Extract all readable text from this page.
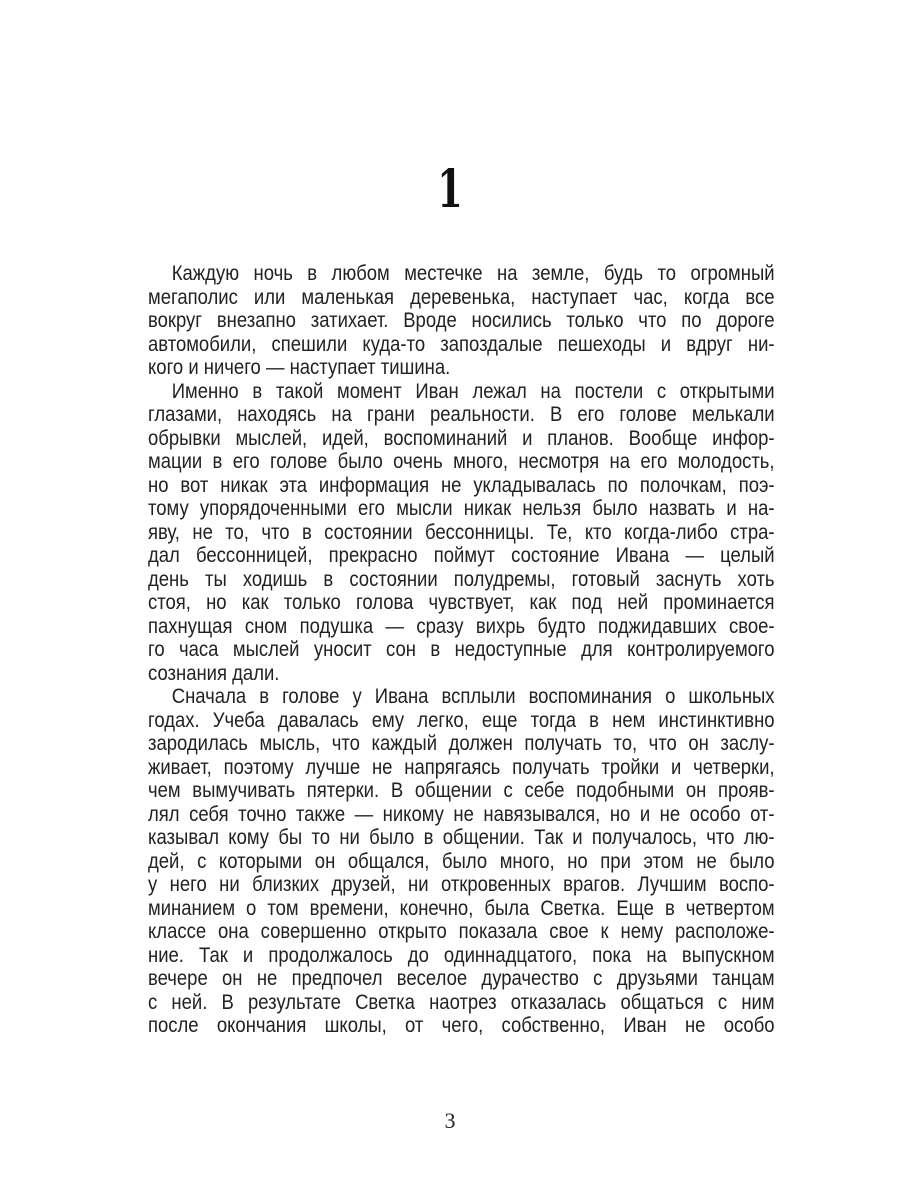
1
Каждую ночь в любом местечке на земле, будь то огромный
мегаполис или маленькая деревенька, наступает час, когда все
вокруг внезапно затихает. Вроде носились только что по дороге
автомобили, спешили куда-то запоздалые пешеходы и вдруг ни-
кого и ничего — наступает тишина.
Именно в такой момент Иван лежал на постели с открытыми
глазами, находясь на грани реальности. В его голове мелькали
обрывки мыслей, идей, воспоминаний и планов. Вообще инфор-
мации в его голове было очень много, несмотря на его молодость,
но вот никак эта информация не укладывалась по полочкам, поэ-
тому упорядоченными его мысли никак нельзя было назвать и на-
яву, не то, что в состоянии бессонницы. Те, кто когда-либо стра-
дал бессонницей, прекрасно поймут состояние Ивана — целый
день ты ходишь в состоянии полудремы, готовый заснуть хоть
стоя, но как только голова чувствует, как под ней проминается
пахнущая сном подушка — сразу вихрь будто поджидавших свое-
го часа мыслей уносит сон в недоступные для контролируемого
сознания дали.
Сначала в голове у Ивана всплыли воспоминания о школьных
годах. Учеба давалась ему легко, еще тогда в нем инстинктивно
зародилась мысль, что каждый должен получать то, что он заслу-
живает, поэтому лучше не напрягаясь получать тройки и четверки,
чем вымучивать пятерки. В общении с себе подобными он прояв-
лял себя точно также — никому не навязывался, но и не особо от-
казывал кому бы то ни было в общении. Так и получалось, что лю-
дей, с которыми он общался, было много, но при этом не было
у него ни близких друзей, ни откровенных врагов. Лучшим воспо-
минанием о том времени, конечно, была Светка. Еще в четвертом
классе она совершенно открыто показала свое к нему расположе-
ние. Так и продолжалось до одиннадцатого, пока на выпускном
вечере он не предпочел веселое дурачество с друзьями танцам
с ней. В результате Светка наотрез отказалась общаться с ним
после окончания школы, от чего, собственно, Иван не особо
3
